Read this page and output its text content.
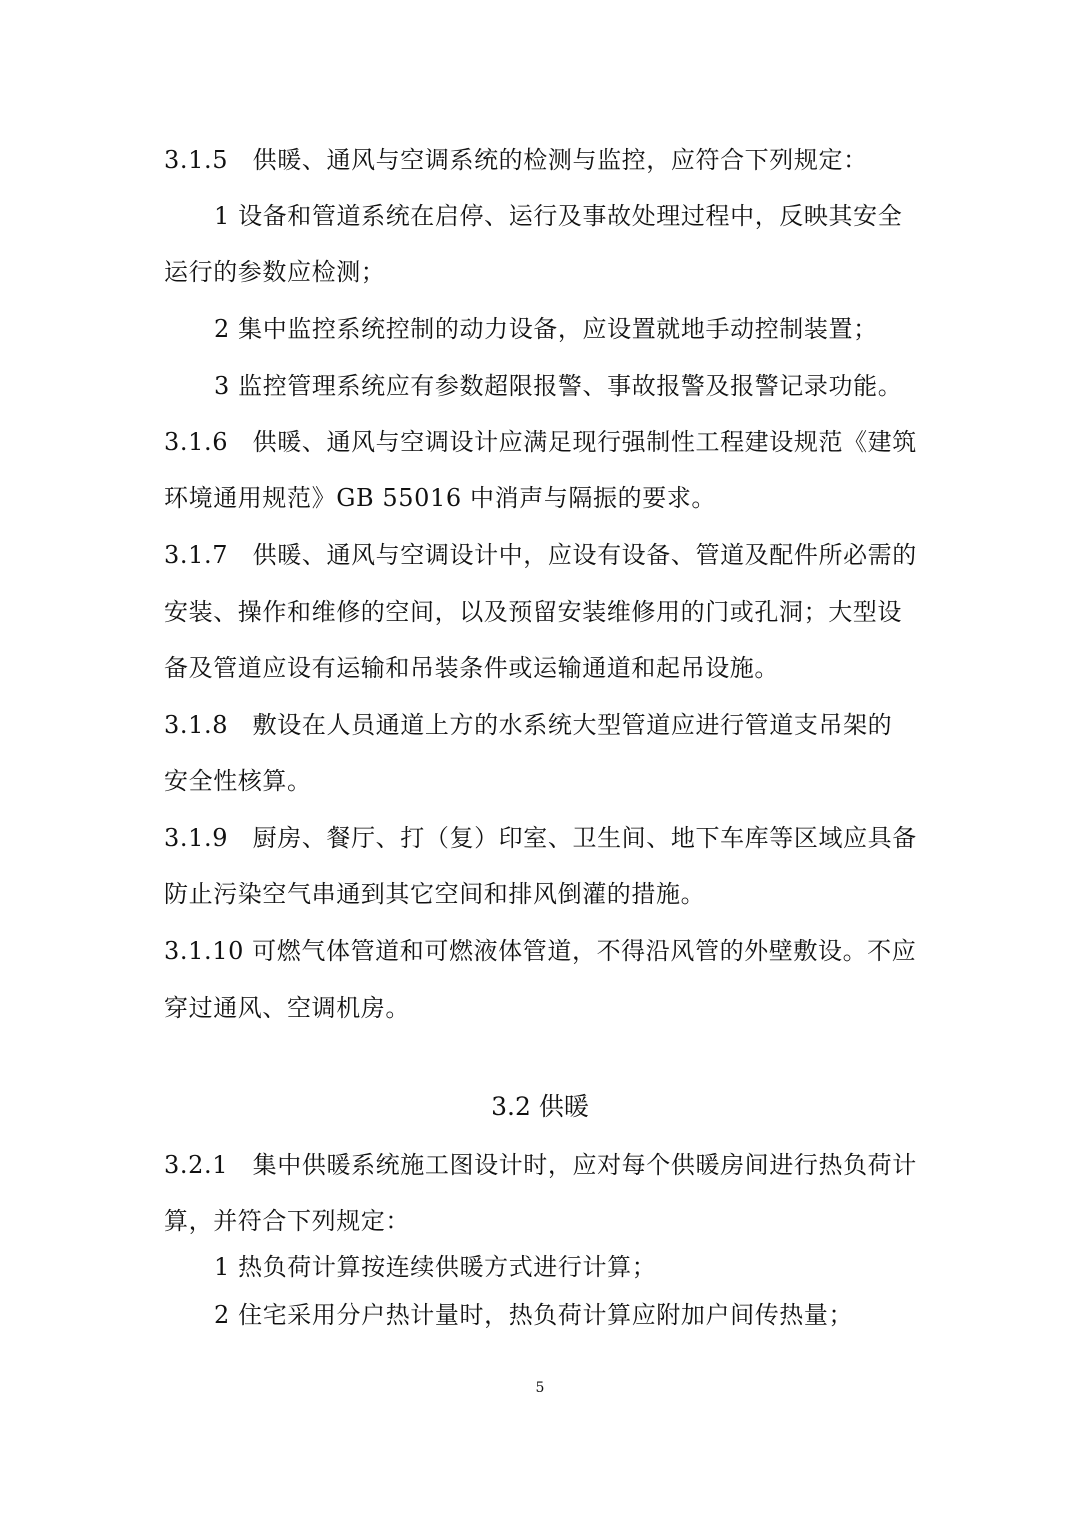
3.1.5　供暖、通风与空调系统的检测与监控，应符合下列规定：
1 设备和管道系统在启停、运行及事故处理过程中，反映其安全
运行的参数应检测；
2 集中监控系统控制的动力设备，应设置就地手动控制装置；
3 监控管理系统应有参数超限报警、事故报警及报警记录功能。
3.1.6　供暖、通风与空调设计应满足现行强制性工程建设规范《建筑
环境通用规范》GB 55016 中消声与隔振的要求。
3.1.7　供暖、通风与空调设计中，应设有设备、管道及配件所必需的
安装、操作和维修的空间，以及预留安装维修用的门或孔洞；大型设
备及管道应设有运输和吊装条件或运输通道和起吊设施。
3.1.8　敷设在人员通道上方的水系统大型管道应进行管道支吊架的
安全性核算。
3.1.9　厨房、餐厅、打（复）印室、卫生间、地下车库等区域应具备
防止污染空气串通到其它空间和排风倒灌的措施。
3.1.10 可燃气体管道和可燃液体管道，不得沿风管的外壁敷设。不应
穿过通风、空调机房。
3.2 供暖
3.2.1　集中供暖系统施工图设计时，应对每个供暖房间进行热负荷计
算，并符合下列规定：
1 热负荷计算按连续供暖方式进行计算；
2 住宅采用分户热计量时，热负荷计算应附加户间传热量；
5
